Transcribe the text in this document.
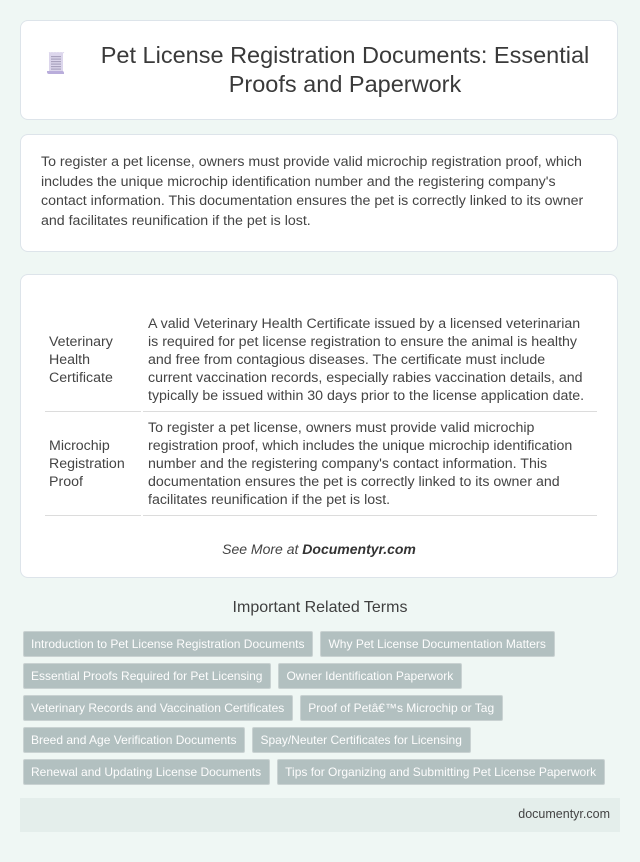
Pet License Registration Documents: Essential Proofs and Paperwork

To register a pet license, owners must provide valid microchip registration proof, which includes the unique microchip identification number and the registering company's contact information. This documentation ensures the pet is correctly linked to its owner and facilitates reunification if the pet is lost.

Veterinary Health Certificate	A valid Veterinary Health Certificate issued by a licensed veterinarian is required for pet license registration to ensure the animal is healthy and free from contagious diseases. The certificate must include current vaccination records, especially rabies vaccination details, and typically be issued within 30 days prior to the license application date.
Microchip Registration Proof	To register a pet license, owners must provide valid microchip registration proof, which includes the unique microchip identification number and the registering company's contact information. This documentation ensures the pet is correctly linked to its owner and facilitates reunification if the pet is lost.
See More at Documentyr.com
Important Related Terms
Introduction to Pet License Registration Documents	Why Pet License Documentation Matters
Essential Proofs Required for Pet Licensing	Owner Identification Paperwork
Veterinary Records and Vaccination Certificates	Proof of Petâ€™s Microchip or Tag
Breed and Age Verification Documents	Spay/Neuter Certificates for Licensing
Renewal and Updating License Documents	Tips for Organizing and Submitting Pet License Paperwork
documentyr.com
